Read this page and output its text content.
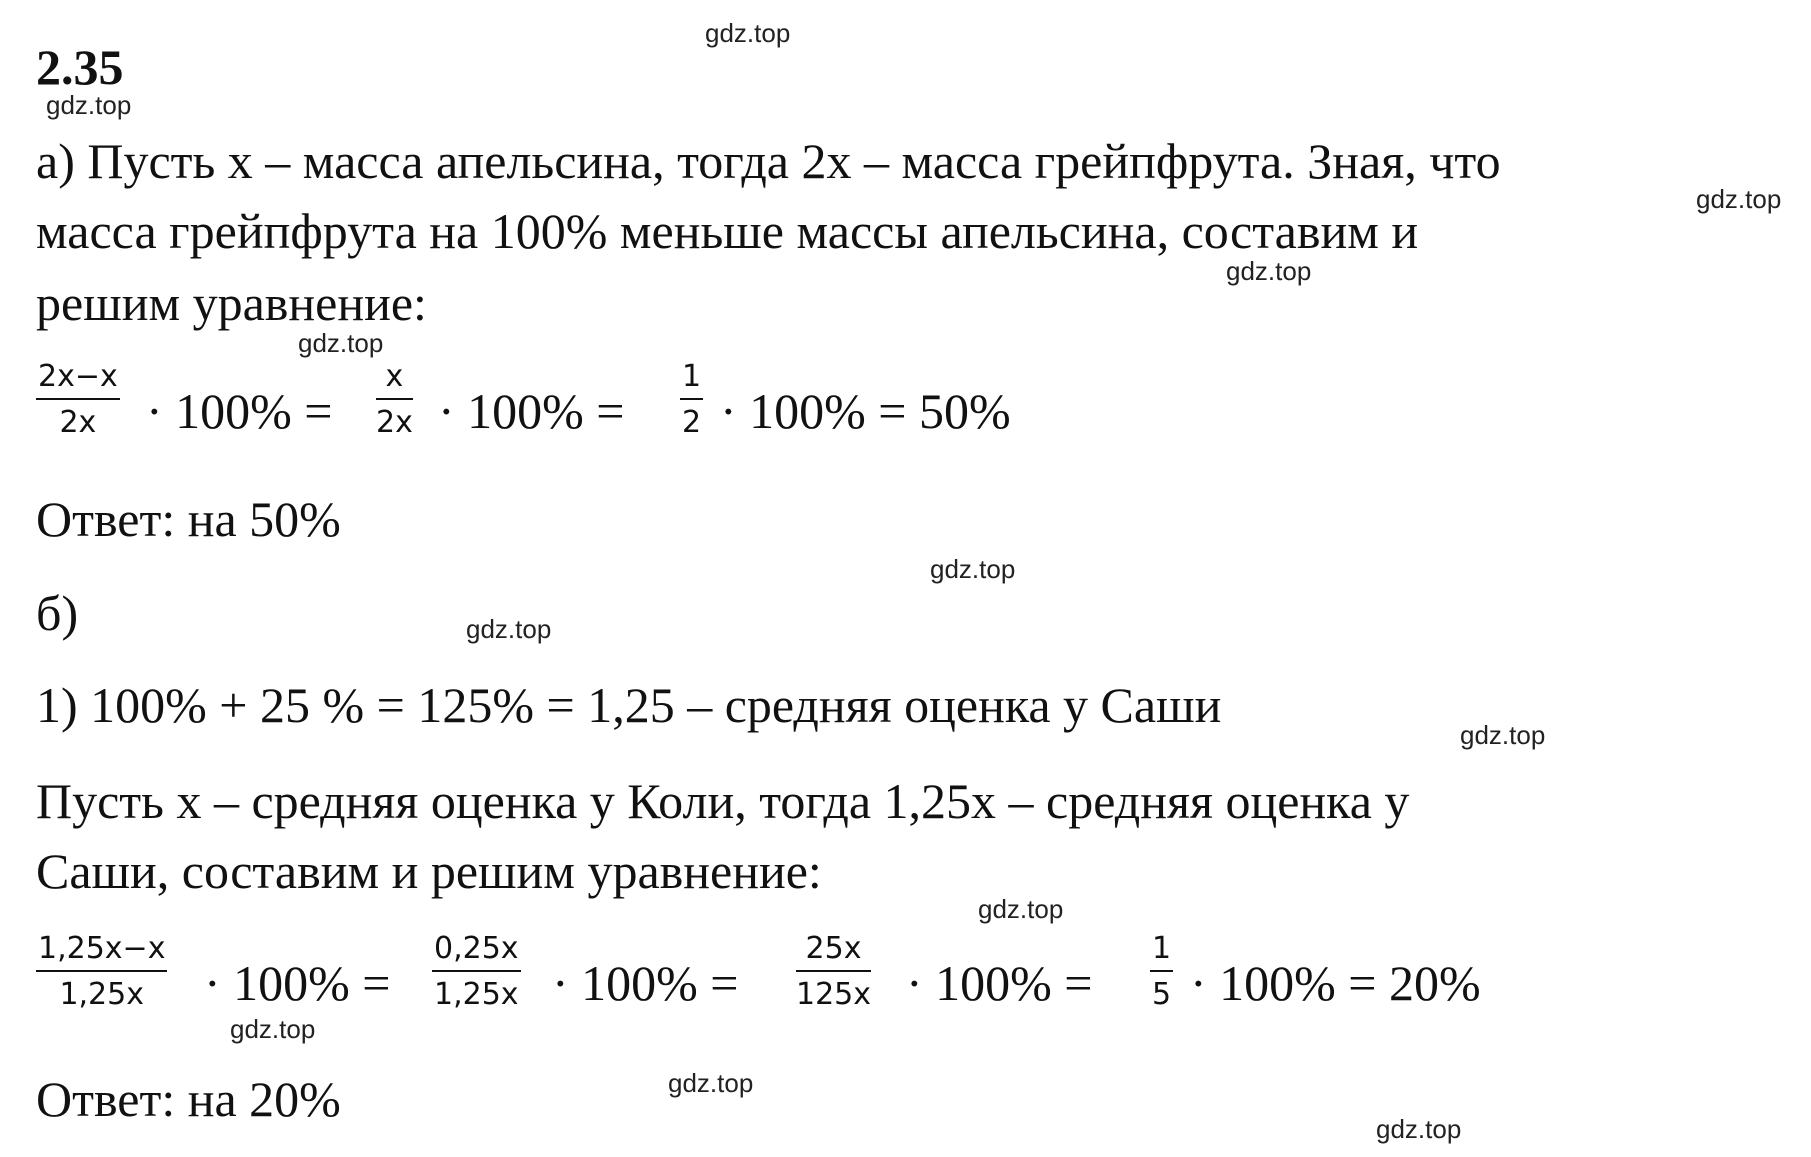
2.35
а) Пусть x – масса апельсина, тогда 2x – масса грейпфрута. Зная, что
масса грейпфрута на 100% меньше массы апельсина, составим и
решим уравнение:
$\frac{2x-x}{2x} \cdot 100\% = \frac{x}{2x} \cdot 100\% = \frac{1}{2} \cdot 100\% = 50\%$
Ответ: на 50%
б)
1) 100% + 25 % = 125% = 1,25 – средняя оценка у Саши
Пусть x – средняя оценка у Коли, тогда 1,25x – средняя оценка у
Саши, составим и решим уравнение:
$\frac{1,25x-x}{1,25x} \cdot 100\% = \frac{0,25x}{1,25x} \cdot 100\% = \frac{25x}{125x} \cdot 100\% = \frac{1}{5} \cdot 100\% = 20\%$
Ответ: на 20%
gdz.top
gdz.top
gdz.top
gdz.top
gdz.top
gdz.top
gdz.top
gdz.top
gdz.top
gdz.top
gdz.top
gdz.top
